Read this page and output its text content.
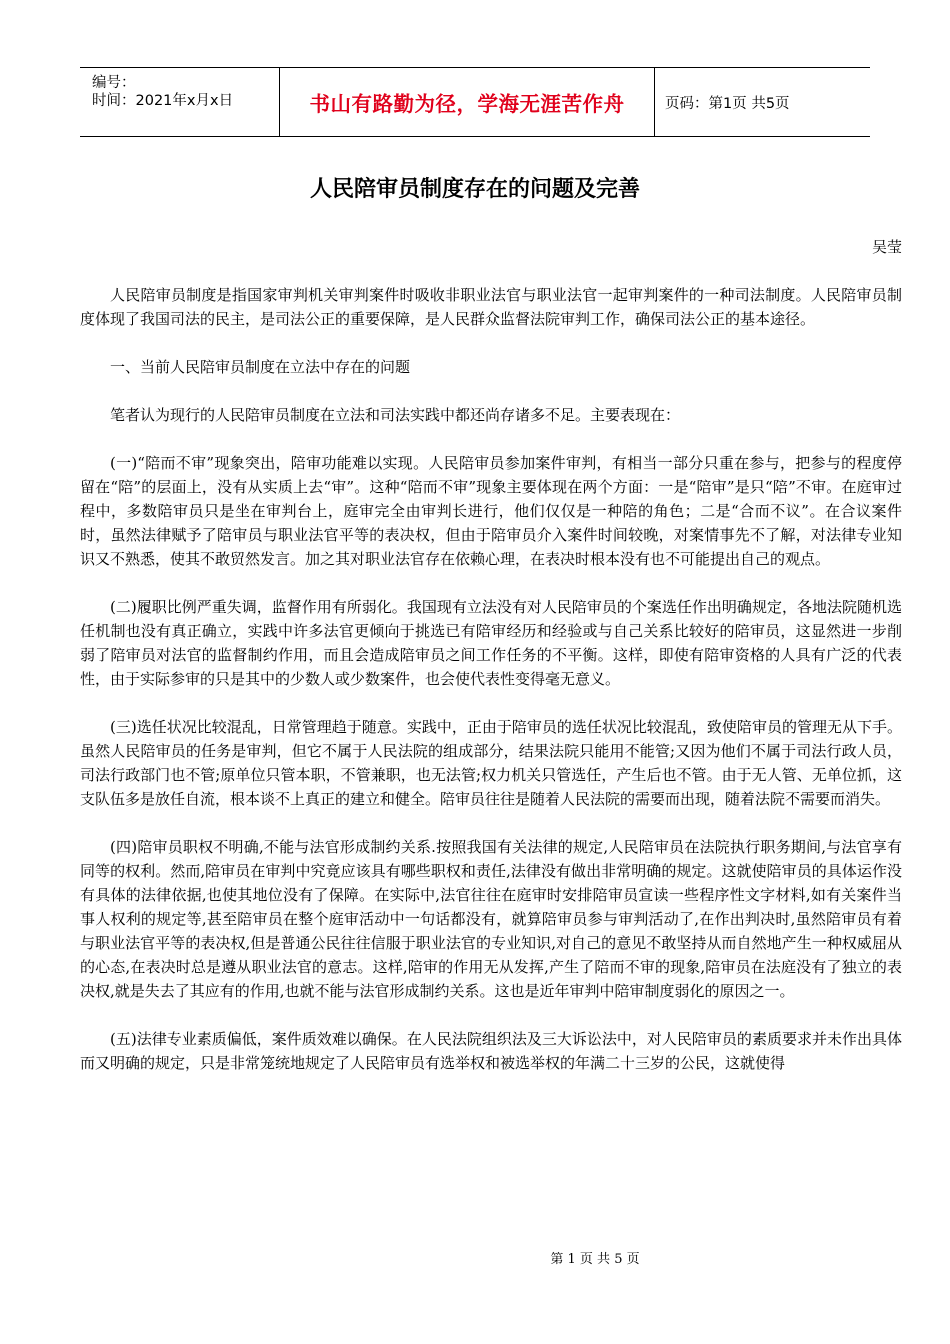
编号：
时间：2021年x月x日	书山有路勤为径，学海无涯苦作舟	页码：第1页 共5页
人民陪审员制度存在的问题及完善
吴莹

人民陪审员制度是指国家审判机关审判案件时吸收非职业法官与职业法官一起审判案件的一种司法制度。人民陪审员制度体现了我国司法的民主，是司法公正的重要保障，是人民群众监督法院审判工作，确保司法公正的基本途径。

一、当前人民陪审员制度在立法中存在的问题

笔者认为现行的人民陪审员制度在立法和司法实践中都还尚存诸多不足。主要表现在：

(一)“陪而不审”现象突出，陪审功能难以实现。人民陪审员参加案件审判，有相当一部分只重在参与，把参与的程度停留在“陪”的层面上，没有从实质上去“审”。这种“陪而不审”现象主要体现在两个方面：一是“陪审”是只“陪”不审。在庭审过程中，多数陪审员只是坐在审判台上，庭审完全由审判长进行，他们仅仅是一种陪的角色；二是“合而不议”。在合议案件时，虽然法律赋予了陪审员与职业法官平等的表决权，但由于陪审员介入案件时间较晚，对案情事先不了解，对法律专业知识又不熟悉，使其不敢贸然发言。加之其对职业法官存在依赖心理，在表决时根本没有也不可能提出自己的观点。

(二)履职比例严重失调，监督作用有所弱化。我国现有立法没有对人民陪审员的个案选任作出明确规定，各地法院随机选任机制也没有真正确立，实践中许多法官更倾向于挑选已有陪审经历和经验或与自己关系比较好的陪审员，这显然进一步削弱了陪审员对法官的监督制约作用，而且会造成陪审员之间工作任务的不平衡。这样，即使有陪审资格的人具有广泛的代表性，由于实际参审的只是其中的少数人或少数案件，也会使代表性变得毫无意义。

(三)选任状况比较混乱，日常管理趋于随意。实践中，正由于陪审员的选任状况比较混乱，致使陪审员的管理无从下手。虽然人民陪审员的任务是审判，但它不属于人民法院的组成部分，结果法院只能用不能管;又因为他们不属于司法行政人员，司法行政部门也不管;原单位只管本职，不管兼职，也无法管;权力机关只管选任，产生后也不管。由于无人管、无单位抓，这支队伍多是放任自流，根本谈不上真正的建立和健全。陪审员往往是随着人民法院的需要而出现，随着法院不需要而消失。

(四)陪审员职权不明确,不能与法官形成制约关系.按照我国有关法律的规定,人民陪审员在法院执行职务期间,与法官享有同等的权利。然而,陪审员在审判中究竟应该具有哪些职权和责任,法律没有做出非常明确的规定。这就使陪审员的具体运作没有具体的法律依据,也使其地位没有了保障。在实际中,法官往往在庭审时安排陪审员宣读一些程序性文字材料,如有关案件当事人权利的规定等,甚至陪审员在整个庭审活动中一句话都没有，就算陪审员参与审判活动了,在作出判决时,虽然陪审员有着与职业法官平等的表决权,但是普通公民往往信服于职业法官的专业知识,对自己的意见不敢坚持从而自然地产生一种权威屈从的心态,在表决时总是遵从职业法官的意志。这样,陪审的作用无从发挥,产生了陪而不审的现象,陪审员在法庭没有了独立的表决权,就是失去了其应有的作用,也就不能与法官形成制约关系。这也是近年审判中陪审制度弱化的原因之一。

(五)法律专业素质偏低，案件质效难以确保。在人民法院组织法及三大诉讼法中，对人民陪审员的素质要求并未作出具体而又明确的规定，只是非常笼统地规定了人民陪审员有选举权和被选举权的年满二十三岁的公民，这就使得

第 1 页 共 5 页
